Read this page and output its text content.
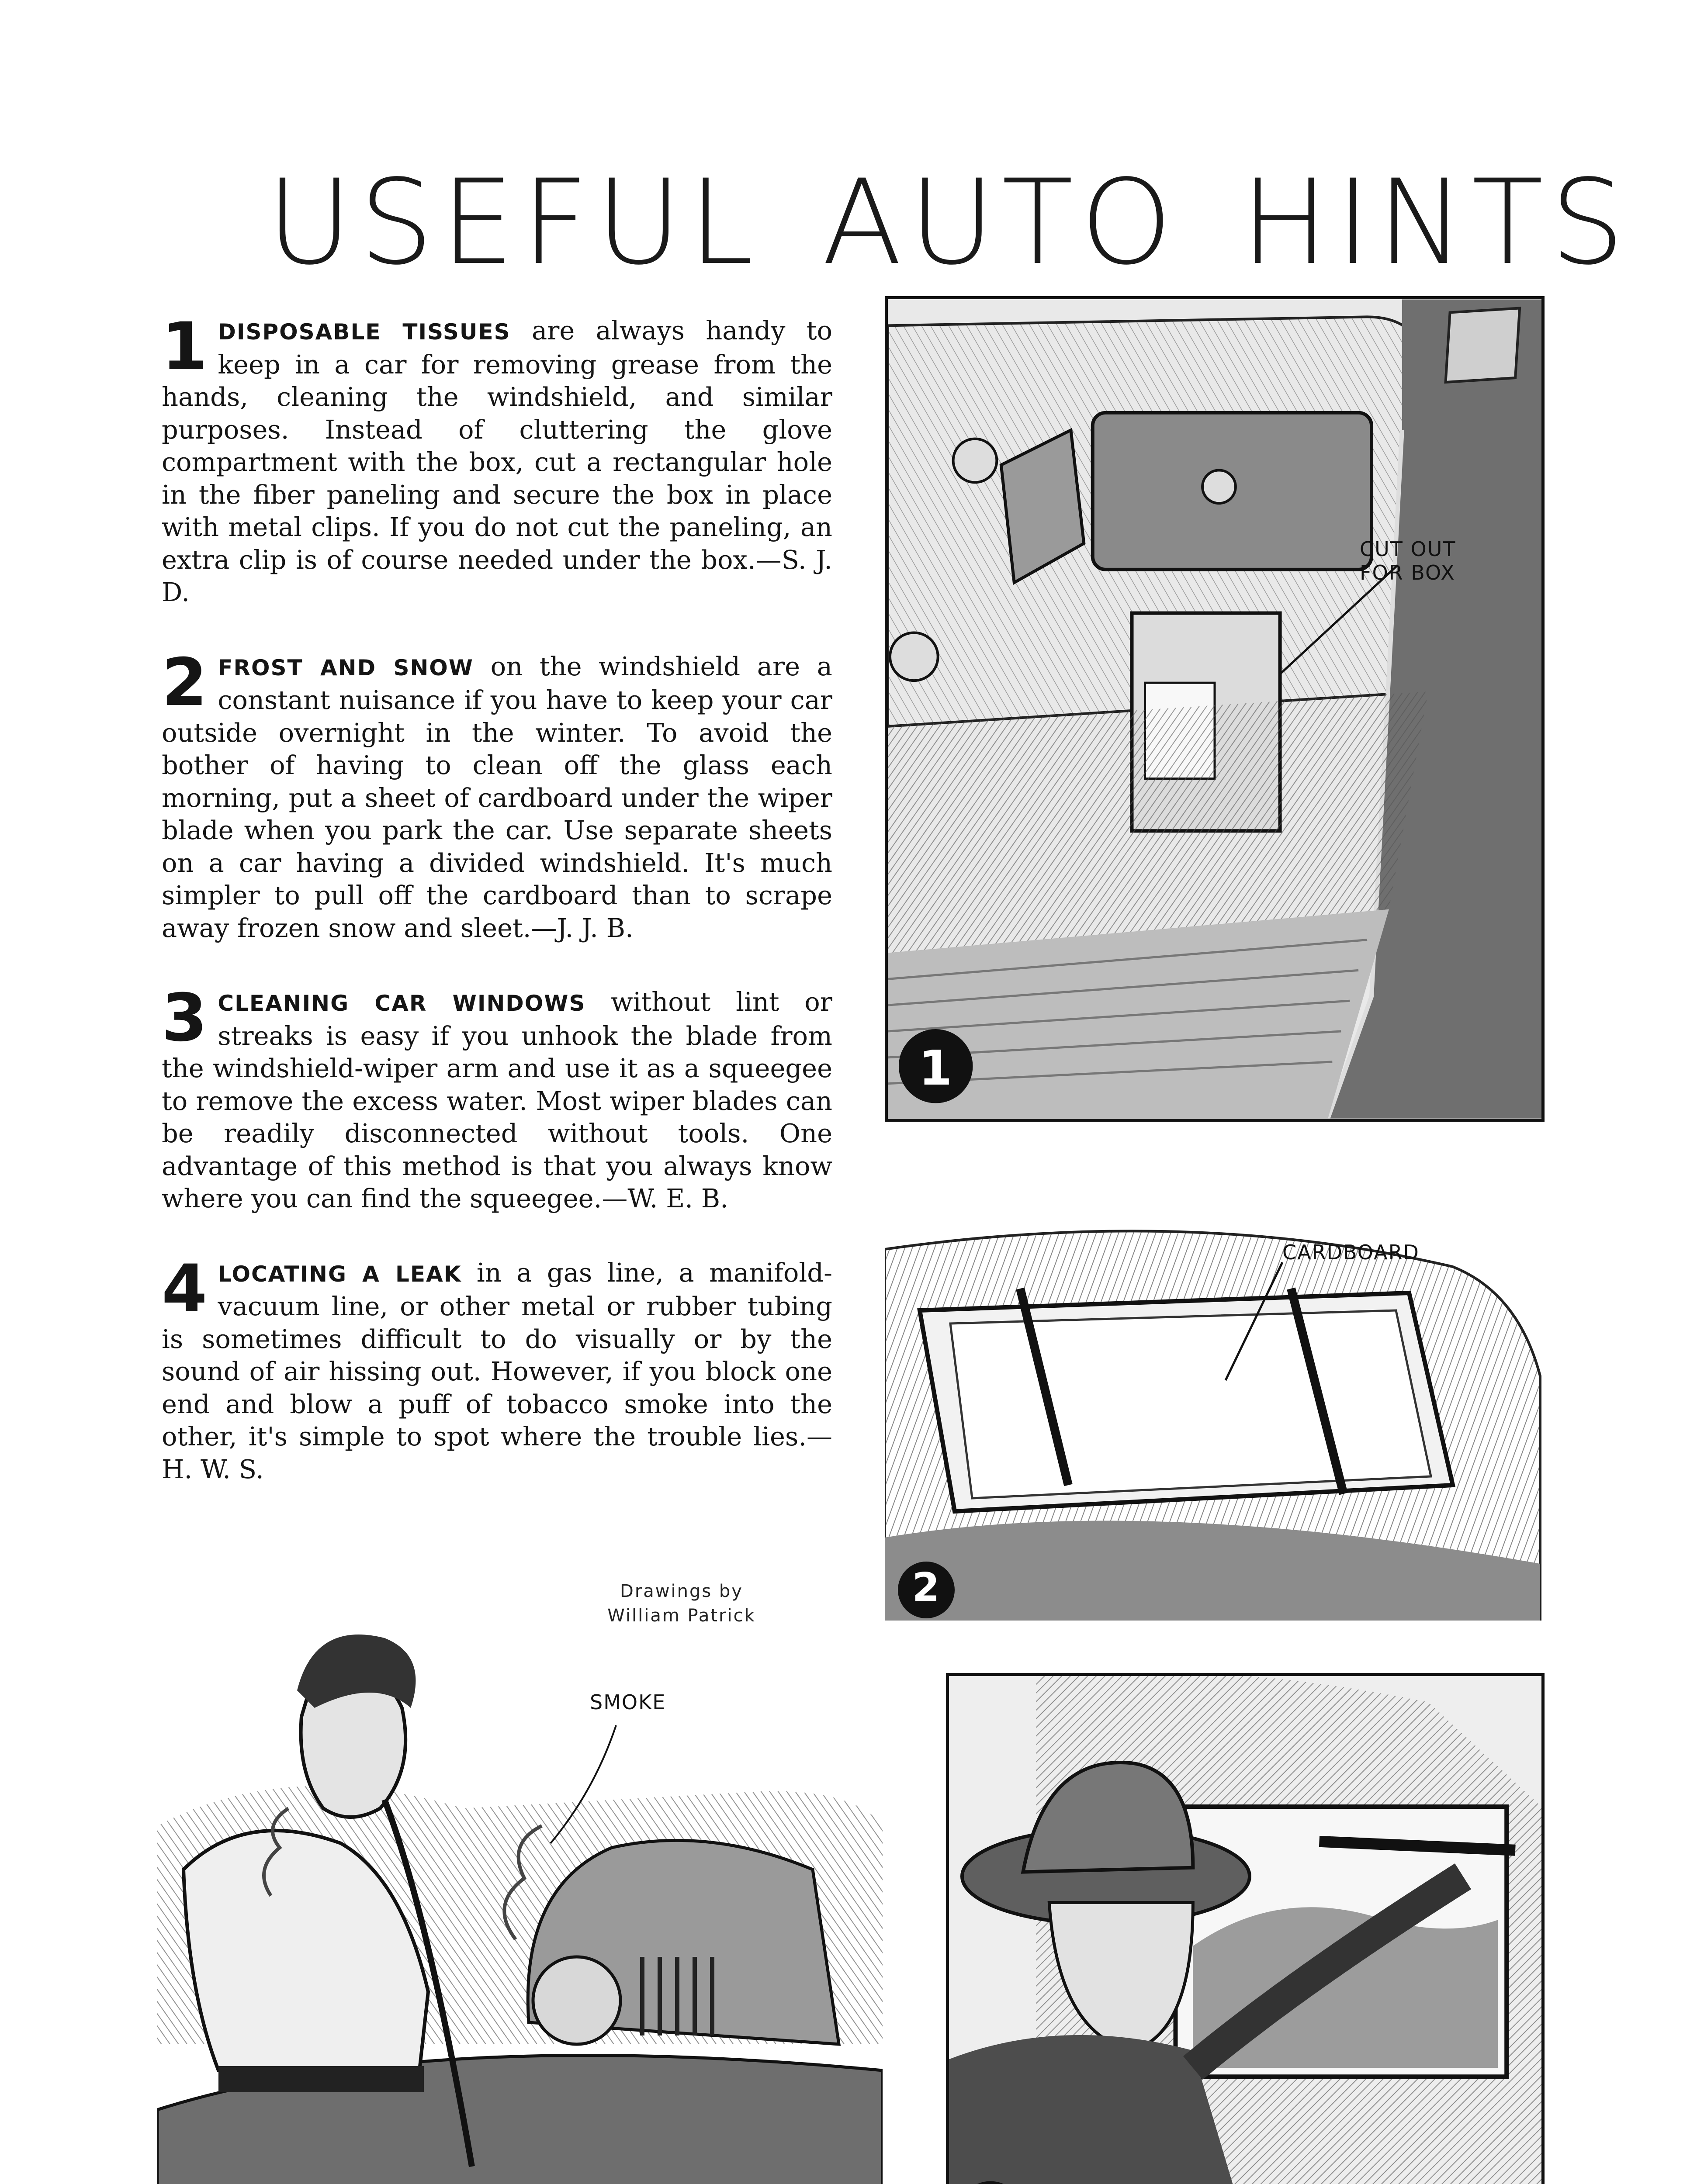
USEFUL AUTO HINTS

1 DISPOSABLE TISSUES are always handy to keep in a car for removing grease from the hands, cleaning the windshield, and similar purposes. Instead of cluttering the glove compartment with the box, cut a rectangular hole in the fiber paneling and secure the box in place with metal clips. If you do not cut the paneling, an extra clip is of course needed under the box.—S. J. D.

2 FROST AND SNOW on the windshield are a constant nuisance if you have to keep your car outside overnight in the winter. To avoid the bother of having to clean off the glass each morning, put a sheet of cardboard under the wiper blade when you park the car. Use separate sheets on a car having a divided windshield. It's much simpler to pull off the cardboard than to scrape away frozen snow and sleet.—J. J. B.

3 CLEANING CAR WINDOWS without lint or streaks is easy if you unhook the blade from the windshield-wiper arm and use it as a squeegee to remove the excess water. Most wiper blades can be readily disconnected without tools. One advantage of this method is that you always know where you can find the squeegee.—W. E. B.

4 LOCATING A LEAK in a gas line, a manifold-vacuum line, or other metal or rubber tubing is sometimes difficult to do visually or by the sound of air hissing out. However, if you block one end and blow a puff of tobacco smoke into the other, it's simple to spot where the trouble lies.—H. W. S.

CUT OUT
FOR BOX
1
CARDBOARD
2
SMOKE
Drawings by
William Patrick
